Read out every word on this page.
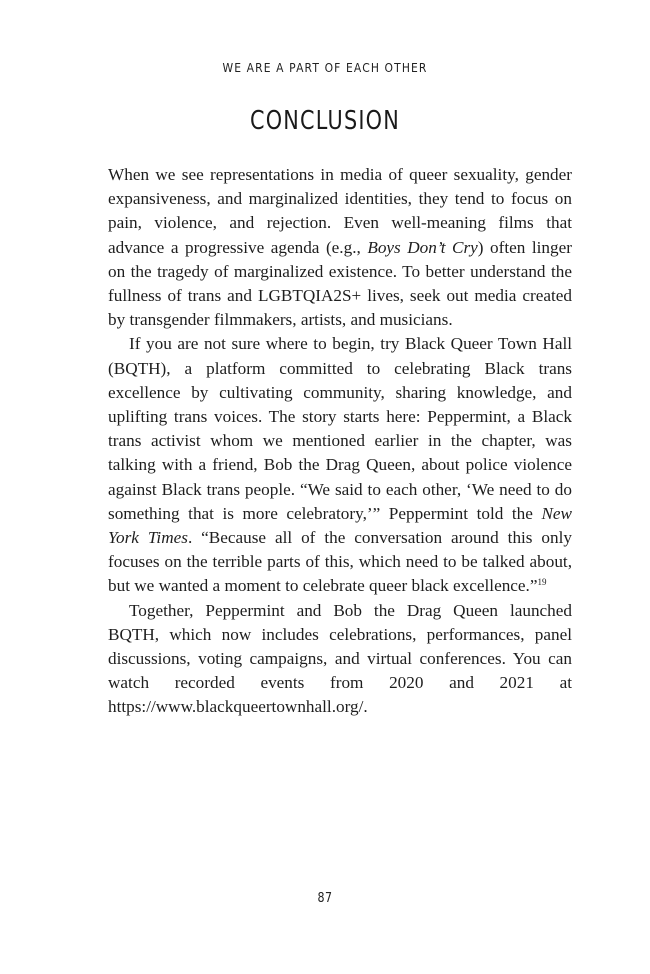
WE ARE A PART OF EACH OTHER
CONCLUSION

When we see representations in media of queer sexuality, gender expansiveness, and marginalized identities, they tend to focus on pain, violence, and rejection. Even well-meaning films that advance a progressive agenda (e.g., Boys Don’t Cry) often linger on the tragedy of marginalized existence. To better understand the fullness of trans and LGBTQIA2S+ lives, seek out media created by transgender filmmakers, artists, and musicians.

If you are not sure where to begin, try Black Queer Town Hall (BQTH), a platform committed to celebrating Black trans excellence by cultivating community, sharing knowledge, and uplifting trans voices. The story starts here: Peppermint, a Black trans activist whom we mentioned earlier in the chapter, was talking with a friend, Bob the Drag Queen, about police violence against Black trans people. “We said to each other, ‘We need to do something that is more celebratory,’” Peppermint told the New York Times. “Because all of the conversation around this only focuses on the terrible parts of this, which need to be talked about, but we wanted a moment to celebrate queer black excellence.”$^{19}$

Together, Peppermint and Bob the Drag Queen launched BQTH, which now includes celebrations, performances, panel discussions, voting campaigns, and virtual conferences. You can watch recorded events from 2020 and 2021 at https://www.blackqueertownhall.org/.

87
